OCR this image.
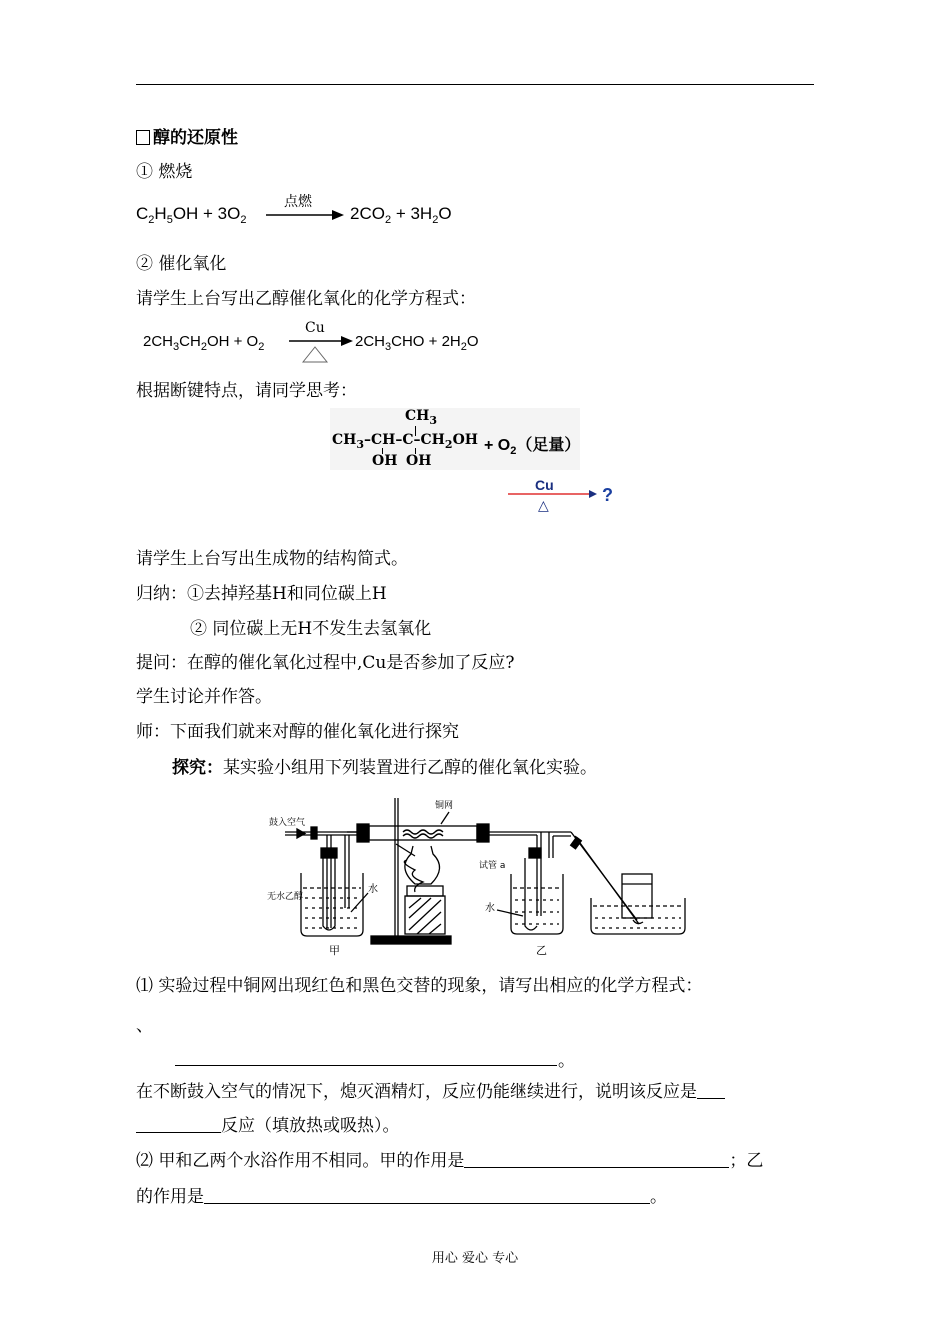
醇的还原性
① 燃烧
$C_2H_5OH + 3O_2$
点燃
$2CO_2 + 3H_2O$
② 催化氧化
请学生上台写出乙醇催化氧化的化学方程式：
$2CH_3CH_2OH + O_2$
Cu
$2CH_3CHO + 2H_2O$
根据断键特点，请同学思考：
$CH_3$
$CH_3-CH-C-CH_2OH$
OH OH
+ $O_2$（足量）
Cu
△
?
请学生上台写出生成物的结构简式。
归纳：①去掉羟基H和同位碳上H
② 同位碳上无H不发生去氢氧化
提问：在醇的催化氧化过程中,Cu是否参加了反应?
学生讨论并作答。
师：下面我们就来对醇的催化氧化进行探究
探究：某实验小组用下列装置进行乙醇的催化氧化实验。
鼓入空气
铜网
无水乙醇
水
试管 a
水
甲	乙
⑴ 实验过程中铜网出现红色和黑色交替的现象，请写出相应的化学方程式：
、
。
在不断鼓入空气的情况下，熄灭酒精灯，反应仍能继续进行，说明该反应是
反应（填放热或吸热）。
⑵ 甲和乙两个水浴作用不相同。甲的作用是	；乙
的作用是	。
用心 爱心 专心
